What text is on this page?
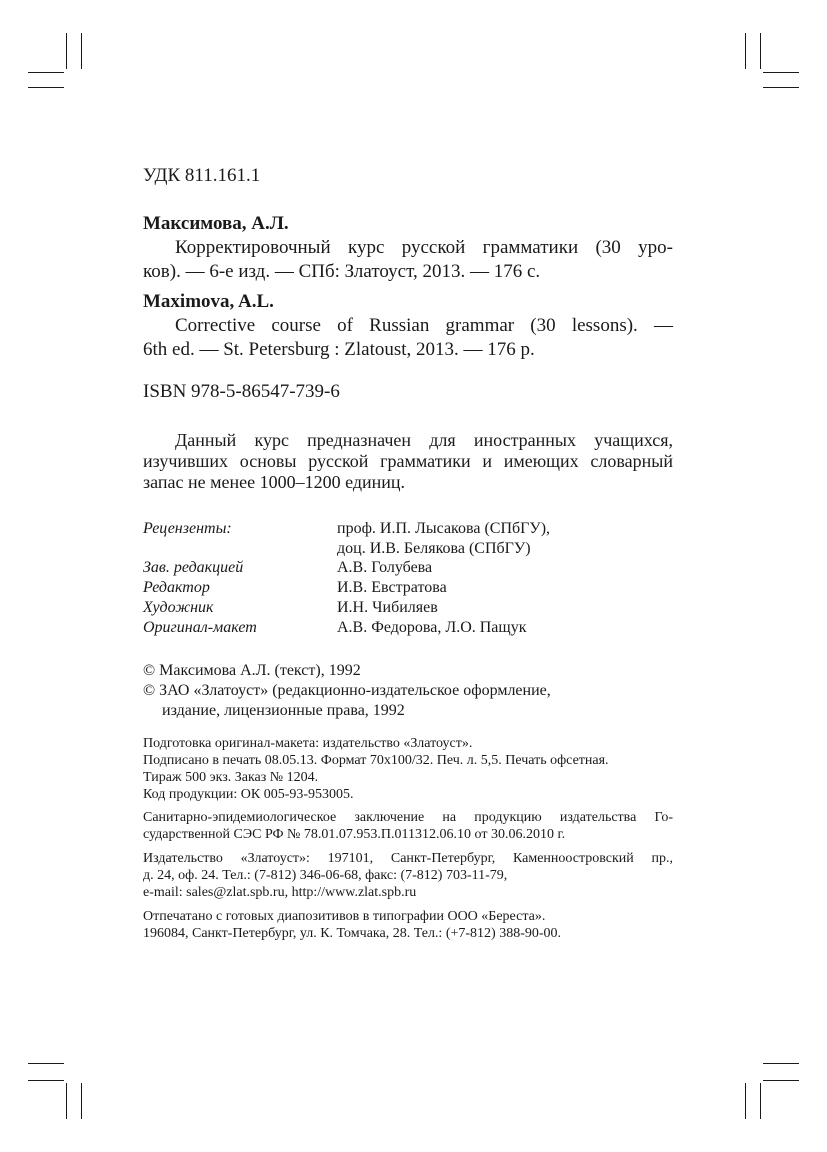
УДК 811.161.1
Максимова, А.Л.
Корректировочный курс русской грамматики (30 уро-
ков). — 6-е изд. — СПб: Златоуст, 2013. — 176 с.
Maximova, A.L.
Corrective course of Russian grammar (30 lessons). —
6th ed. — St. Petersburg : Zlatoust, 2013. — 176 p.
ISBN 978-5-86547-739-6
Данный курс предназначен для иностранных учащихся,
изучивших основы русской грамматики и имеющих словарный
запас не менее 1000–1200 единиц.
Рецензенты:	проф. И.П. Лысакова (СПбГУ),
доц. И.В. Белякова (СПбГУ)
Зав. редакцией	А.В. Голубева
Редактор	И.В. Евстратова
Художник	И.Н. Чибиляев
Оригинал-макет	А.В. Федорова, Л.О. Пащук
© Максимова А.Л. (текст), 1992
© ЗАО «Златоуст» (редакционно-издательское оформление,
издание, лицензионные права, 1992
Подготовка оригинал-макета: издательство «Златоуст».
Подписано в печать 08.05.13. Формат 70x100/32. Печ. л. 5,5. Печать офсетная.
Тираж 500 экз. Заказ № 1204.
Код продукции: ОК 005-93-953005.
Санитарно-эпидемиологическое заключение на продукцию издательства Го-
сударственной СЭС РФ № 78.01.07.953.П.011312.06.10 от 30.06.2010 г.
Издательство «Златоуст»: 197101, Санкт-Петербург, Каменноостровский пр.,
д. 24, оф. 24. Тел.: (7-812) 346-06-68, факс: (7-812) 703-11-79,
e-mail: sales@zlat.spb.ru, http://www.zlat.spb.ru
Отпечатано с готовых диапозитивов в типографии ООО «Береста».
196084, Санкт-Петербург, ул. К. Томчака, 28. Тел.: (+7-812) 388-90-00.
